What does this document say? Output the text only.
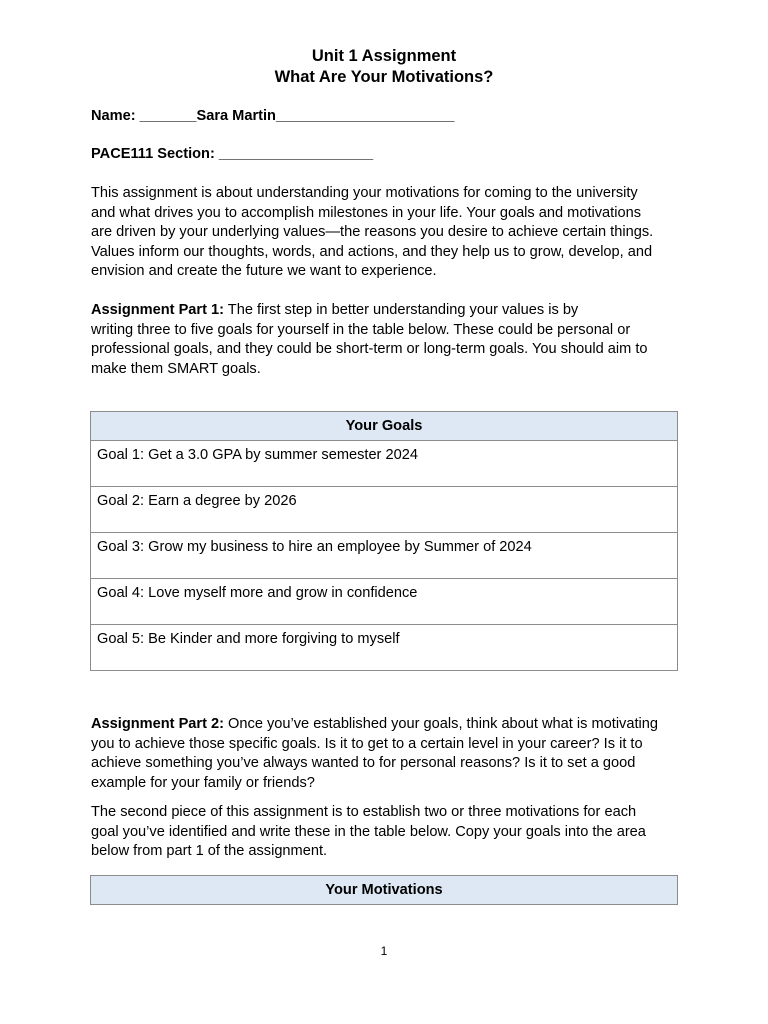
Unit 1 Assignment
What Are Your Motivations?
Name: _______Sara Martin______________________
PACE111 Section: ___________________

This assignment is about understanding your motivations for coming to the university

and what drives you to accomplish milestones in your life. Your goals and motivations

are driven by your underlying values—the reasons you desire to achieve certain things.

Values inform our thoughts, words, and actions, and they help us to grow, develop, and

envision and create the future we want to experience.

Assignment Part 1: The first step in better understanding your values is by

writing three to five goals for yourself in the table below. These could be personal or

professional goals, and they could be short-term or long-term goals. You should aim to

make them SMART goals.

Your Goals
Goal 1: Get a 3.0 GPA by summer semester 2024
Goal 2: Earn a degree by 2026
Goal 3: Grow my business to hire an employee by Summer of 2024
Goal 4: Love myself more and grow in confidence
Goal 5: Be Kinder and more forgiving to myself

Assignment Part 2: Once you’ve established your goals, think about what is motivating

you to achieve those specific goals. Is it to get to a certain level in your career? Is it to

achieve something you’ve always wanted to for personal reasons? Is it to set a good

example for your family or friends?

The second piece of this assignment is to establish two or three motivations for each

goal you’ve identified and write these in the table below. Copy your goals into the area

below from part 1 of the assignment.

Your Motivations
1
